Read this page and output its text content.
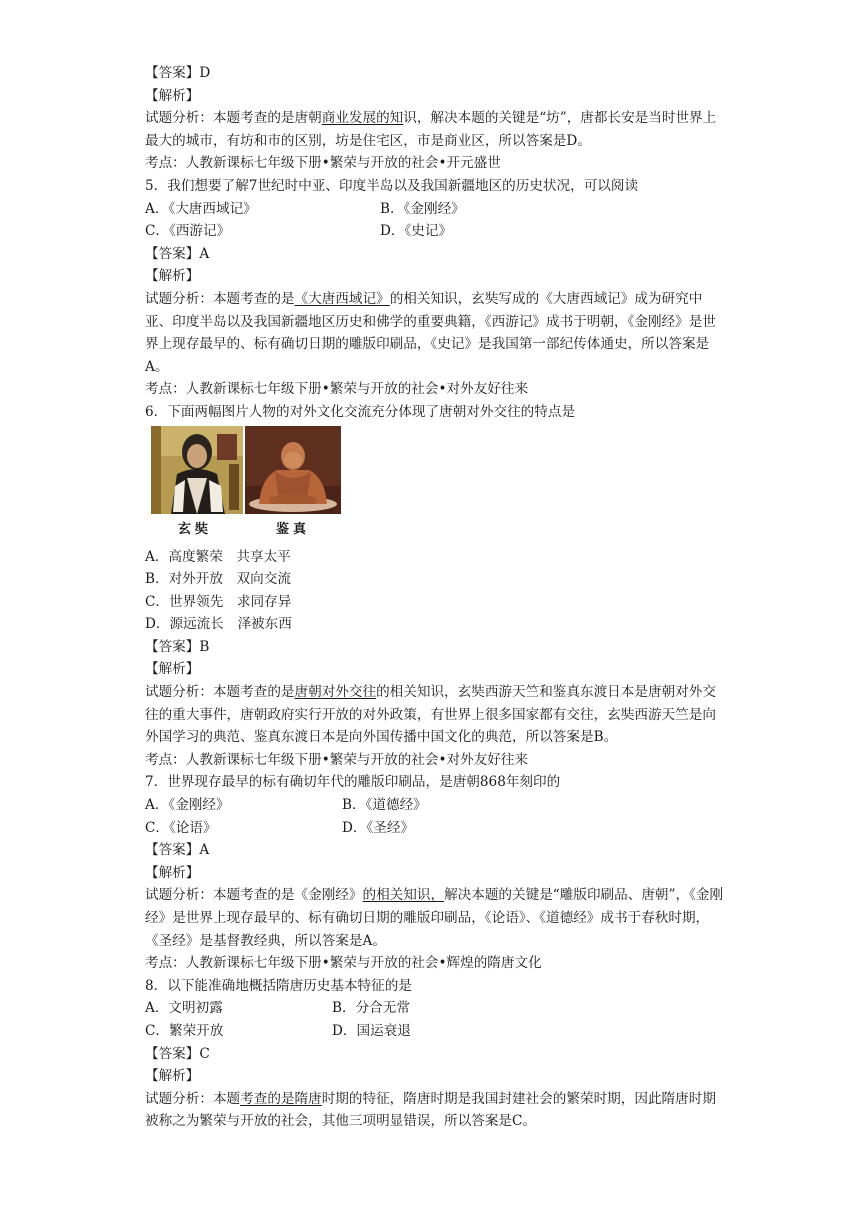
【答案】D
【解析】
试题分析：本题考查的是唐朝商业发展的知识，解决本题的关键是“坊”，唐都长安是当时世界上最大的城市，有坊和市的区别，坊是住宅区，市是商业区，所以答案是D。
考点：人教新课标七年级下册•繁荣与开放的社会•开元盛世
5．我们想要了解7世纪时中亚、印度半岛以及我国新疆地区的历史状况，可以阅读
A．《大唐西域记》	B．《金刚经》
C．《西游记》	D．《史记》
【答案】A
【解析】
试题分析：本题考查的是《大唐西域记》的相关知识，玄奘写成的《大唐西域记》成为研究中亚、印度半岛以及我国新疆地区历史和佛学的重要典籍，《西游记》成书于明朝，《金刚经》是世界上现存最早的、标有确切日期的雕版印刷品，《史记》是我国第一部纪传体通史，所以答案是A。
考点：人教新课标七年级下册•繁荣与开放的社会•对外友好往来
6．下面两幅图片人物的对外文化交流充分体现了唐朝对外交往的特点是
玄奘	鉴真
A．高度繁荣　共享太平
B．对外开放　双向交流
C．世界领先　求同存异
D．源远流长　泽被东西
【答案】B
【解析】
试题分析：本题考查的是唐朝对外交往的相关知识，玄奘西游天竺和鉴真东渡日本是唐朝对外交往的重大事件，唐朝政府实行开放的对外政策，有世界上很多国家都有交往，玄奘西游天竺是向外国学习的典范、鉴真东渡日本是向外国传播中国文化的典范，所以答案是B。
考点：人教新课标七年级下册•繁荣与开放的社会•对外友好往来
7．世界现存最早的标有确切年代的雕版印刷品，是唐朝868年刻印的
A．《金刚经》	B．《道德经》
C．《论语》	D．《圣经》
【答案】A
【解析】
试题分析：本题考查的是《金刚经》的相关知识，解决本题的关键是“雕版印刷品、唐朝”，《金刚经》是世界上现存最早的、标有确切日期的雕版印刷品，《论语》、《道德经》成书于春秋时期，《圣经》是基督教经典，所以答案是A。
考点：人教新课标七年级下册•繁荣与开放的社会•辉煌的隋唐文化
8．以下能准确地概括隋唐历史基本特征的是
A．文明初露	B．分合无常
C．繁荣开放	D．国运衰退
【答案】C
【解析】
试题分析：本题考查的是隋唐时期的特征，隋唐时期是我国封建社会的繁荣时期，因此隋唐时期被称之为繁荣与开放的社会，其他三项明显错误，所以答案是C。
